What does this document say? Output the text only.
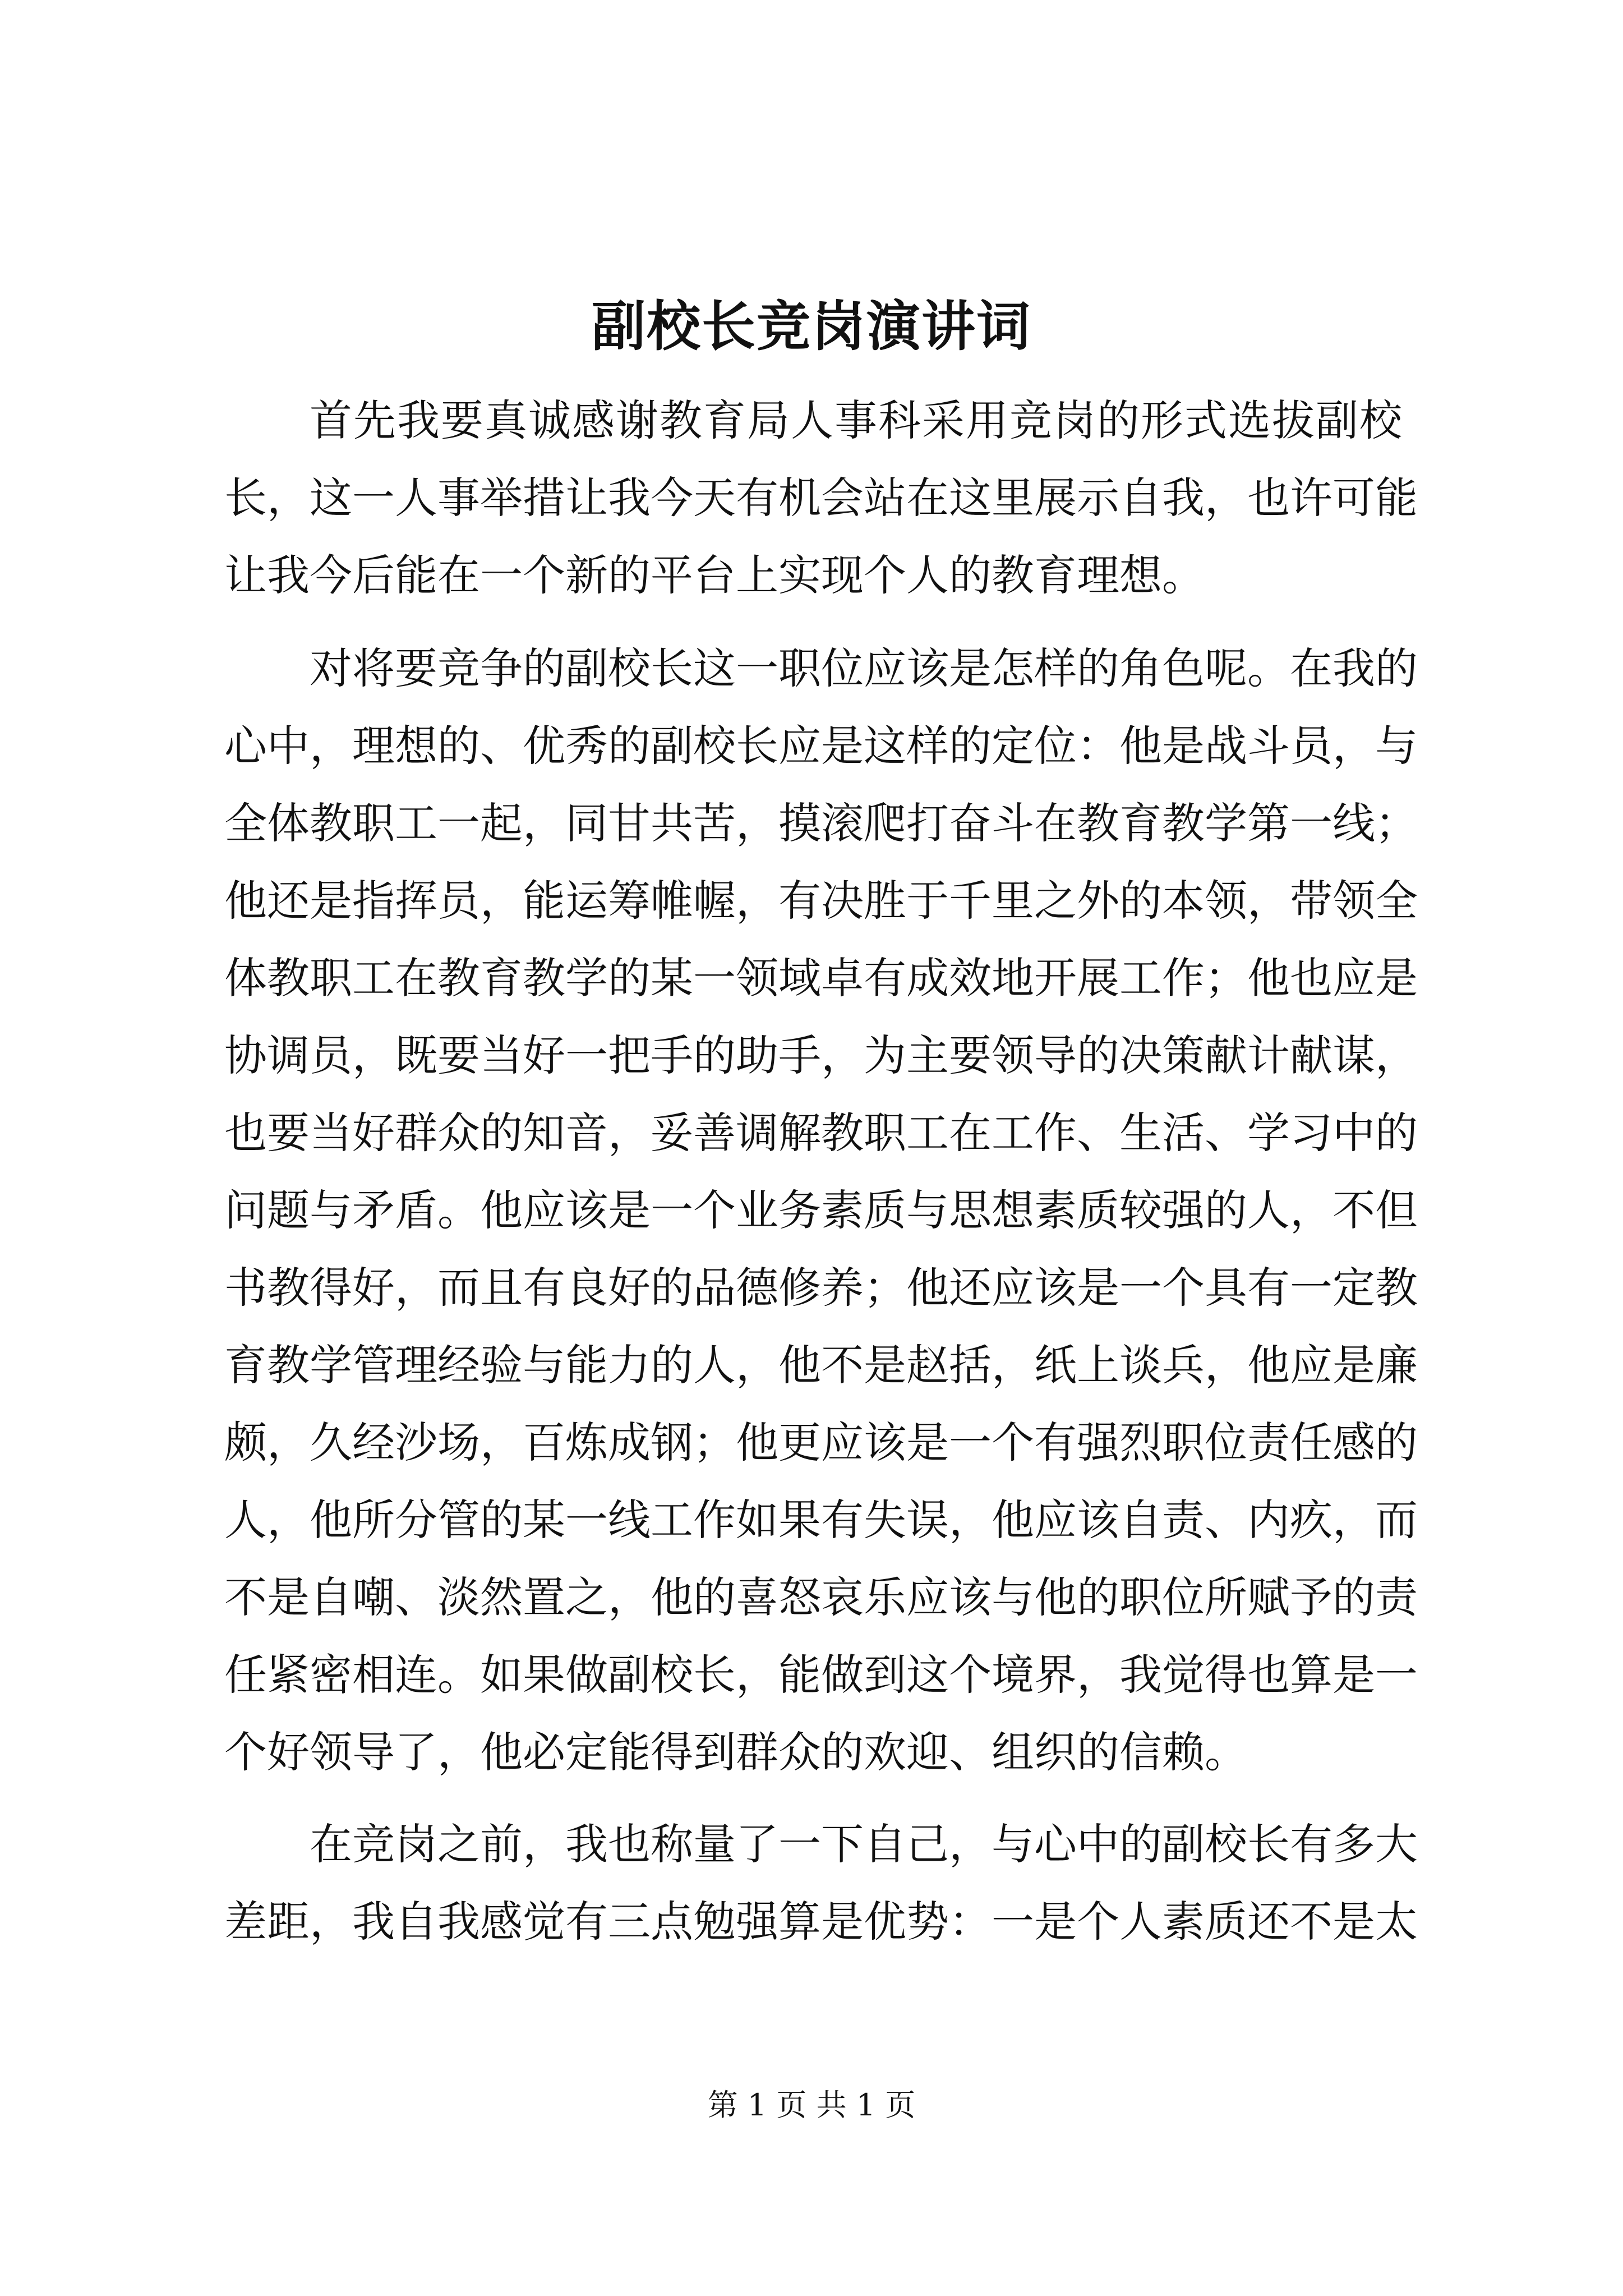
副校长竞岗演讲词
首先我要真诚感谢教育局人事科采用竞岗的形式选拔副校
长，这一人事举措让我今天有机会站在这里展示自我，也许可能
让我今后能在一个新的平台上实现个人的教育理想。
对将要竞争的副校长这一职位应该是怎样的角色呢。在我的
心中，理想的、优秀的副校长应是这样的定位：他是战斗员，与
全体教职工一起，同甘共苦，摸滚爬打奋斗在教育教学第一线；
他还是指挥员，能运筹帷幄，有决胜于千里之外的本领，带领全
体教职工在教育教学的某一领域卓有成效地开展工作；他也应是
协调员，既要当好一把手的助手，为主要领导的决策献计献谋，
也要当好群众的知音，妥善调解教职工在工作、生活、学习中的
问题与矛盾。他应该是一个业务素质与思想素质较强的人，不但
书教得好，而且有良好的品德修养；他还应该是一个具有一定教
育教学管理经验与能力的人，他不是赵括，纸上谈兵，他应是廉
颇，久经沙场，百炼成钢；他更应该是一个有强烈职位责任感的
人，他所分管的某一线工作如果有失误，他应该自责、内疚，而
不是自嘲、淡然置之，他的喜怒哀乐应该与他的职位所赋予的责
任紧密相连。如果做副校长，能做到这个境界，我觉得也算是一
个好领导了，他必定能得到群众的欢迎、组织的信赖。
在竞岗之前，我也称量了一下自己，与心中的副校长有多大
差距，我自我感觉有三点勉强算是优势：一是个人素质还不是太
第 1 页 共 1 页
